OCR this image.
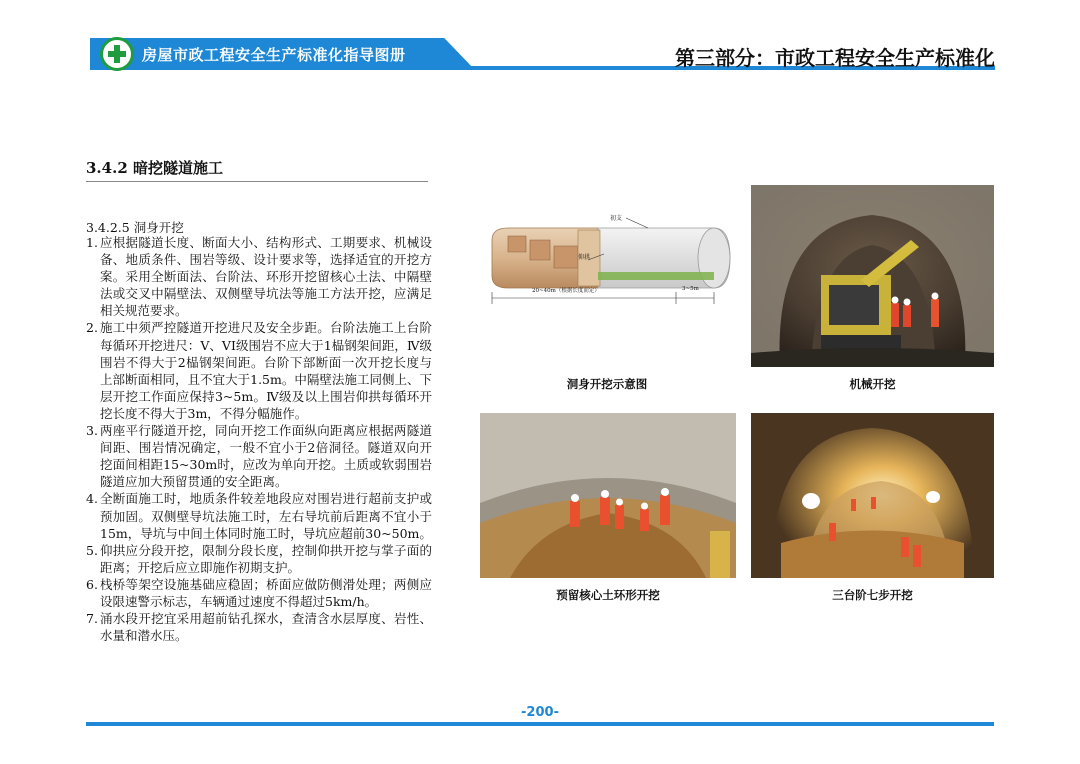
房屋市政工程安全生产标准化指导图册	第三部分：市政工程安全生产标准化
3.4.2 暗挖隧道施工
3.4.2.5 洞身开挖
1. 应根据隧道长度、断面大小、结构形式、工期要求、机械设备、地质条件、围岩等级、设计要求等，选择适宜的开挖方案。采用全断面法、台阶法、环形开挖留核心土法、中隔壁法或交叉中隔壁法、双侧壁导坑法等施工方法开挖，应满足相关规范要求。
2. 施工中须严控隧道开挖进尺及安全步距。台阶法施工上台阶每循环开挖进尺：V、VI级围岩不应大于1榀钢架间距，Ⅳ级围岩不得大于2榀钢架间距。台阶下部断面一次开挖长度与上部断面相同，且不宜大于1.5m。中隔壁法施工同侧上、下层开挖工作面应保持3~5m。Ⅳ级及以上围岩仰拱每循环开挖长度不得大于3m，不得分幅施作。
3. 两座平行隧道开挖，同向开挖工作面纵向距离应根据两隧道间距、围岩情况确定，一般不宜小于2倍洞径。隧道双向开挖面间相距15~30m时，应改为单向开挖。土质或软弱围岩隧道应加大预留贯通的安全距离。
4. 全断面施工时，地质条件较差地段应对围岩进行超前支护或预加固。双侧壁导坑法施工时，左右导坑前后距离不宜小于15m，导坑与中间土体同时施工时，导坑应超前30~50m。
5. 仰拱应分段开挖，限制分段长度，控制仰拱开挖与掌子面的距离；开挖后应立即施作初期支护。
6. 栈桥等架空设施基础应稳固；桥面应做防侧滑处理；两侧应设限速警示标志，车辆通过速度不得超过5km/h。
7. 涌水段开挖宜采用超前钻孔探水，查清含水层厚度、岩性、水量和潜水压。
初支
仰拱
20~40m（根据长度而定）	3~5m
洞身开挖示意图	机械开挖
预留核心土环形开挖	三台阶七步开挖
-200-
